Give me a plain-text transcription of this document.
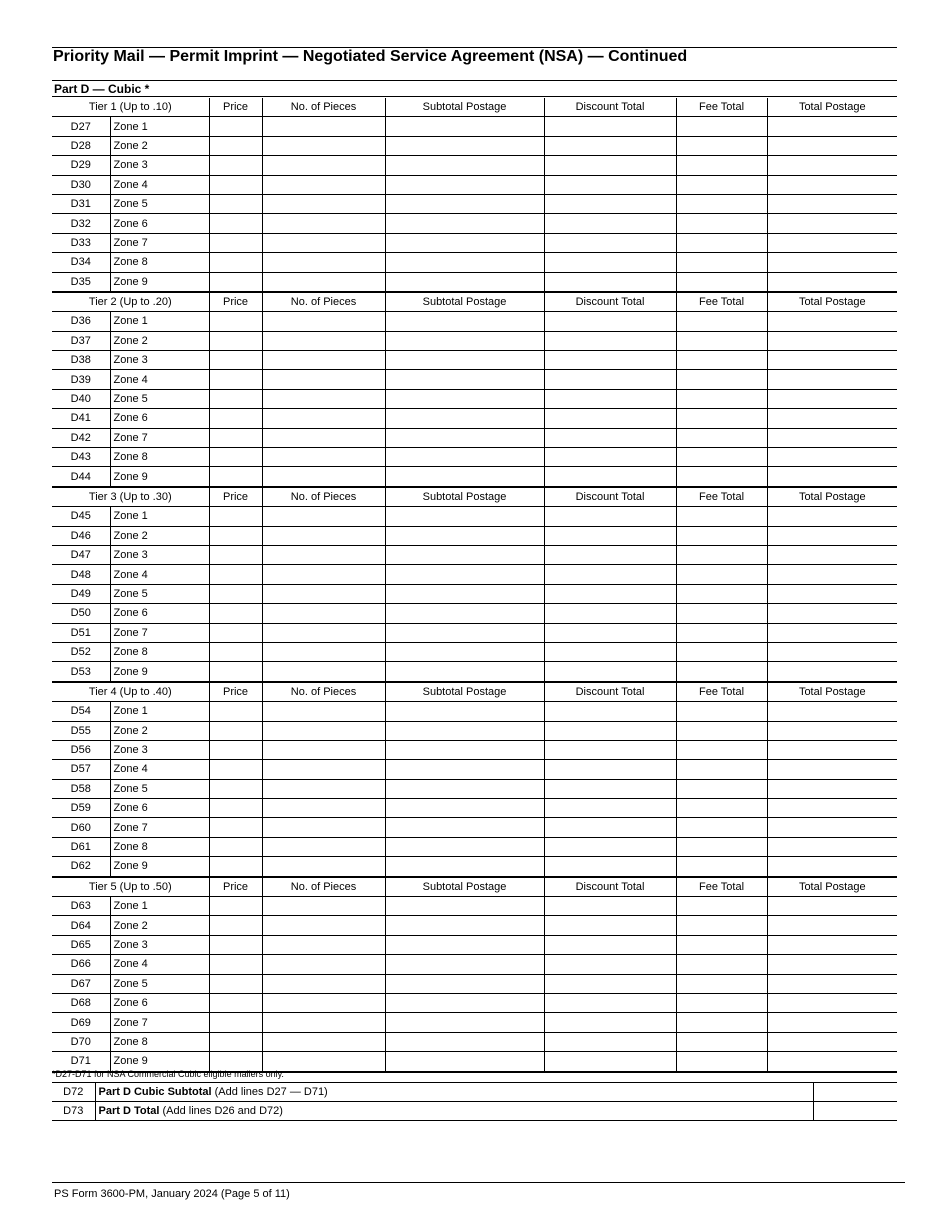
Priority Mail — Permit Imprint — Negotiated Service Agreement (NSA) — Continued
Part D — Cubic *
Tier 1 (Up to .10)		Price	No. of Pieces	Subtotal Postage	Discount Total	Fee Total	Total Postage
D27	Zone 1						
D28	Zone 2						
D29	Zone 3						
D30	Zone 4						
D31	Zone 5						
D32	Zone 6						
D33	Zone 7						
D34	Zone 8						
D35	Zone 9						
Tier 2 (Up to .20)		Price	No. of Pieces	Subtotal Postage	Discount Total	Fee Total	Total Postage
D36	Zone 1						
D37	Zone 2						
D38	Zone 3						
D39	Zone 4						
D40	Zone 5						
D41	Zone 6						
D42	Zone 7						
D43	Zone 8						
D44	Zone 9						
Tier 3 (Up to .30)		Price	No. of Pieces	Subtotal Postage	Discount Total	Fee Total	Total Postage
D45	Zone 1						
D46	Zone 2						
D47	Zone 3						
D48	Zone 4						
D49	Zone 5						
D50	Zone 6						
D51	Zone 7						
D52	Zone 8						
D53	Zone 9						
Tier 4 (Up to .40)		Price	No. of Pieces	Subtotal Postage	Discount Total	Fee Total	Total Postage
D54	Zone 1						
D55	Zone 2						
D56	Zone 3						
D57	Zone 4						
D58	Zone 5						
D59	Zone 6						
D60	Zone 7						
D61	Zone 8						
D62	Zone 9						
Tier 5 (Up to .50)		Price	No. of Pieces	Subtotal Postage	Discount Total	Fee Total	Total Postage
D63	Zone 1						
D64	Zone 2						
D65	Zone 3						
D66	Zone 4						
D67	Zone 5						
D68	Zone 6						
D69	Zone 7						
D70	Zone 8						
D71	Zone 9						
*D27-D71 for NSA Commercial Cubic eligible mailers only.
D72	Part D Cubic Subtotal (Add lines D27 — D71)	
D73	Part D Total (Add lines D26 and D72)	
PS Form 3600-PM, January 2024 (Page 5 of 11)
